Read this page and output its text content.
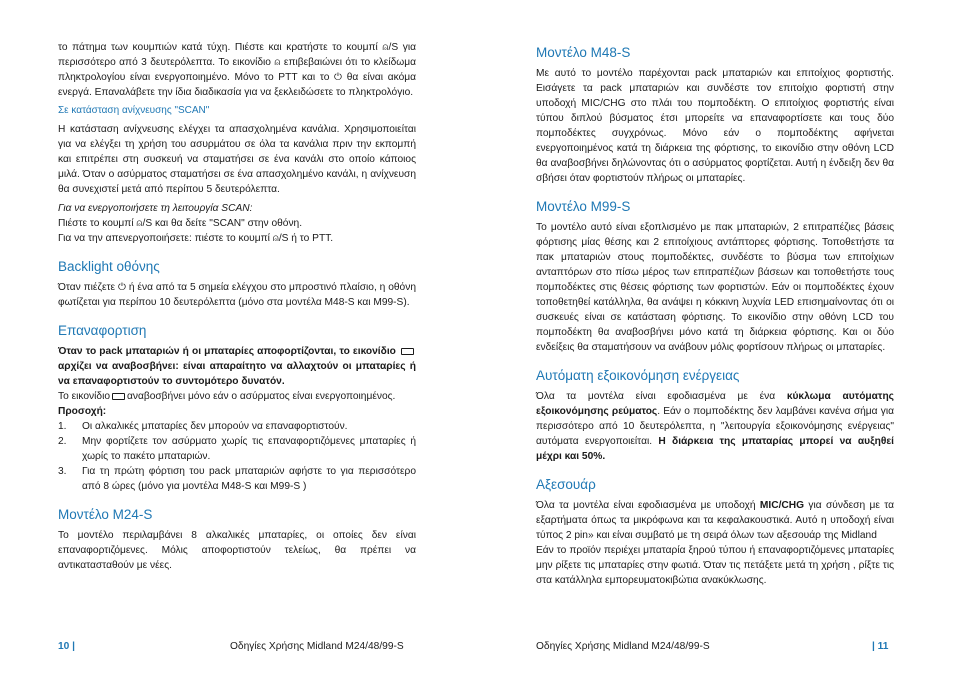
το πάτημα των κουμπιών κατά τύχη. Πιέστε και κρατήστε το κουμπί ⍝/S για περισσότερο από 3 δευτερόλεπτα. Το εικονίδιο ⍝ επιβεβαιώνει ότι το κλείδωμα πληκτρολογίου είναι ενεργοποιημένο. Μόνο το PTT και το ⏻ θα είναι ακόμα ενεργά. Επαναλάβετε την ίδια διαδικασία για να ξεκλειδώσετε το πληκτρολόγιο.

Σε κατάσταση ανίχνευσης "SCAN"

Η κατάσταση ανίχνευσης ελέγχει τα απασχολημένα κανάλια. Χρησιμοποιείται για να ελέγξει τη χρήση του ασυρμάτου σε όλα τα κανάλια πριν την εκπομπή και επιτρέπει στη συσκευή να σταματήσει σε ένα κανάλι στο οποίο κάποιος μιλά. Όταν ο ασύρματος σταματήσει σε ένα απασχολημένο κανάλι, η ανίχνευση θα συνεχιστεί μετά από περίπου 5 δευτερόλεπτα.

Για να ενεργοποιήσετε τη λειτουργία SCAN:

Πιέστε το κουμπί ⍝/S και θα δείτε "SCAN" στην οθόνη.

Για να την απενεργοποιήσετε: πιέστε το κουμπί ⍝/S ή το PTT.

Backlight οθόνης

Όταν πιέζετε ⏻ ή ένα από τα 5 σημεία ελέγχου στο μπροστινό πλαίσιο, η οθόνη φωτίζεται για περίπου 10 δευτερόλεπτα (μόνο στα μοντέλα M48-S και M99-S).

Επαναφορτιση

Όταν το pack μπαταριών ή οι μπαταρίες αποφορτίζονται, το εικονίδιο  αρχίζει να αναβοσβήνει: είναι απαραίτητο να αλλαχτούν οι μπαταρίες ή να επαναφορτιστούν το συντομότερο δυνατόν.

Το εικονίδιο αναβοσβήνει μόνο εάν ο ασύρματος είναι ενεργοποιημένος.

Προσοχή:

1. Οι αλκαλικές μπαταρίες δεν μπορούν να επαναφορτιστούν.
2. Μην φορτίζετε τον ασύρματο χωρίς τις επαναφορτιζόμενες μπαταρίες ή χωρίς το πακέτο μπαταριών.
3. Για τη πρώτη φόρτιση του pack μπαταριών αφήστε το για περισσότερο από 8 ώρες (μόνο για μοντέλα M48-S και M99-S )
Μοντέλο M24-S

Το μοντέλο περιλαμβάνει 8 αλκαλικές μπαταρίες, οι οποίες δεν είναι επαναφορτιζόμενες. Μόλις αποφορτιστούν τελείως, θα πρέπει να αντικατασταθούν με νέες.

Μοντέλο M48-S

Με αυτό το μοντέλο παρέχονται pack μπαταριών και επιτοίχιος φορτιστής. Εισάγετε τα pack μπαταριών και συνδέστε τον επιτοίχιο φορτιστή στην υποδοχή MIC/CHG στο πλάι του πομποδέκτη. Ο επιτοίχιος φορτιστής είναι τύπου διπλού βύσματος έτσι μπορείτε να επαναφορτίσετε και τους δύο πομποδέκτες συγχρόνως. Μόνο εάν ο πομποδέκτης αφήνεται ενεργοποιημένος κατά τη διάρκεια της φόρτισης, το εικονίδιο στην οθόνη LCD θα αναβοσβήνει δηλώνοντας ότι ο ασύρματος φορτίζεται. Αυτή η ένδειξη δεν θα σβήσει όταν φορτιστούν πλήρως οι μπαταρίες.

Μοντέλο M99-S

Το μοντέλο αυτό είναι εξοπλισμένο με πακ μπαταριών, 2 επιτραπέζιες βάσεις φόρτισης μίας θέσης και 2 επιτοίχιους αντάπτορες φόρτισης. Τοποθετήστε τα πακ μπαταριών στους πομποδέκτες, συνδέστε το βύσμα των επιτοίχιων ανταπτόρων στο πίσω μέρος των επιτραπέζιων βάσεων και τοποθετήστε τους πομποδέκτες στις θέσεις φόρτισης των φορτιστών. Εάν οι πομποδέκτες έχουν τοποθετηθεί κατάλληλα, θα ανάψει η κόκκινη λυχνία LED επισημαίνοντας ότι οι συσκευές είναι σε κατάσταση φόρτισης. Το εικονίδιο στην οθόνη LCD του πομποδέκτη θα αναβοσβήνει μόνο κατά τη διάρκεια φόρτισης. Και οι δύο ενδείξεις θα σταματήσουν να ανάβουν μόλις φορτίσουν πλήρως οι μπαταρίες.

Αυτόματη εξοικονόμηση ενέργειας

Όλα τα μοντέλα είναι εφοδιασμένα με ένα κύκλωμα αυτόματης εξοικονόμησης ρεύματος. Εάν ο πομποδέκτης δεν λαμβάνει κανένα σήμα για περισσότερο από 10 δευτερόλεπτα, η "λειτουργία εξοικονόμησης ενέργειας" αυτόματα ενεργοποιείται. Η διάρκεια της μπαταρίας μπορεί να αυξηθεί μέχρι και 50%.

Αξεσουάρ

Όλα τα μοντέλα είναι εφοδιασμένα με υποδοχή MIC/CHG για σύνδεση με τα εξαρτήματα όπως τα μικρόφωνα και τα κεφαλακουστικά. Αυτό η υποδοχή είναι τύπος 2 pin» και είναι συμβατό με τη σειρά όλων των αξεσουάρ της Midland

Εάν το προϊόν περιέχει μπαταρία ξηρού τύπου ή επαναφορτιζόμενες μπαταρίες μην ρίξετε τις μπαταρίες στην φωτιά. Όταν τις πετάξετε μετά τη χρήση , ρίξτε τις στα κατάλληλα εμπορευματοκιβώτια ανακύκλωσης.

10 |	Οδηγίες Χρήσης Midland M24/48/99-S	Οδηγίες Χρήσης Midland M24/48/99-S	| 11
